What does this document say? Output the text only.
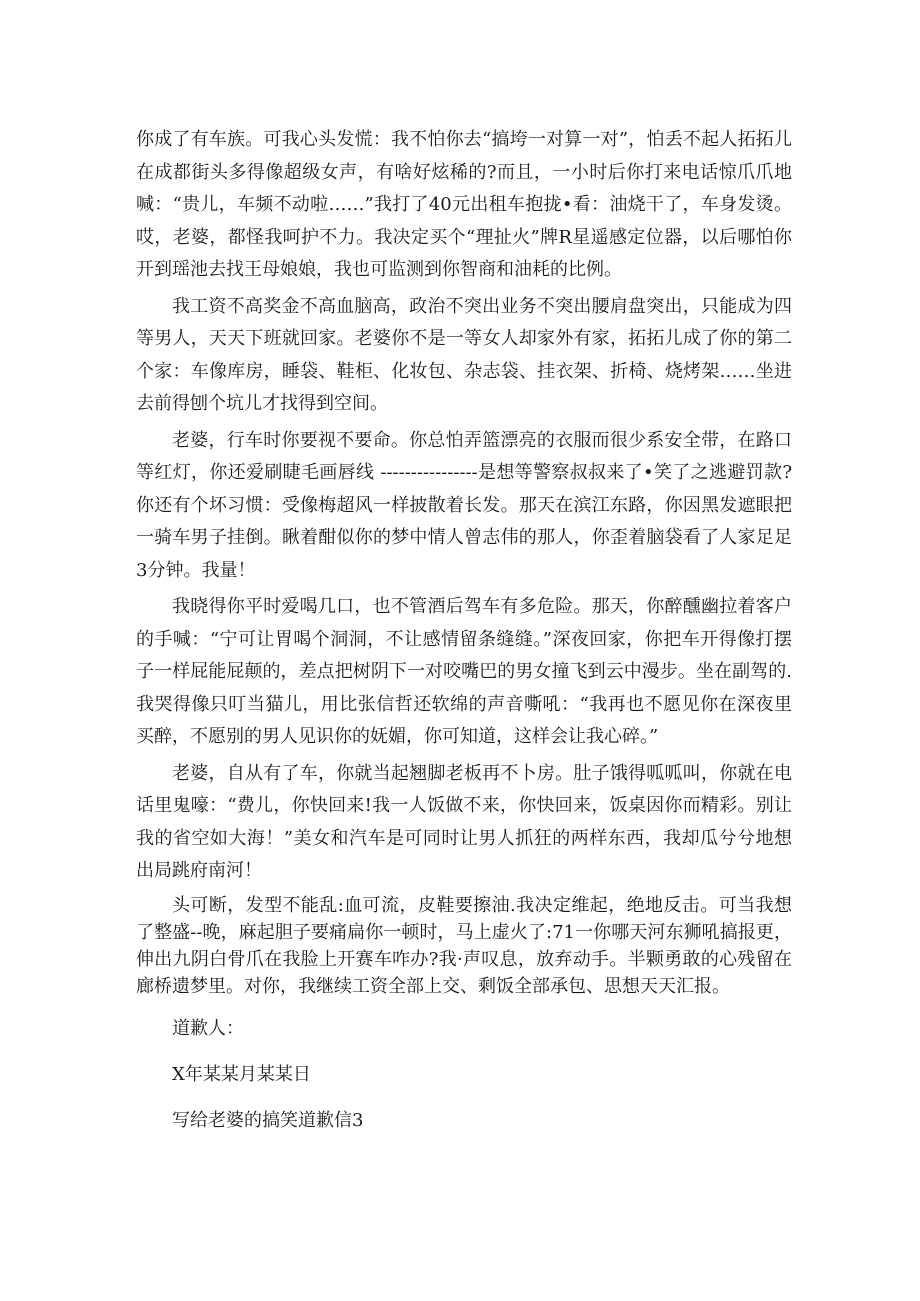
你成了有车族。可我心头发慌：我不怕你去“搞垮一对算一对”，怕丢不起人拓拓儿在成都街头多得像超级女声，有啥好炫稀的?而且，一小时后你打来电话惊爪爪地喊：“贵儿，车频不动啦……”我打了40元出租车抱拢•看：油烧干了，车身发烫。哎，老婆，都怪我呵护不力。我决定买个“理扯火”牌R星遥感定位器，以后哪怕你开到瑶池去找王母娘娘，我也可监测到你智商和油耗的比例。

我工资不高奖金不高血脑高，政治不突出业务不突出腰肩盘突出，只能成为四等男人，天天下班就回家。老婆你不是一等女人却家外有家，拓拓儿成了你的第二个家：车像库房，睡袋、鞋柜、化妆包、杂志袋、挂衣架、折椅、烧烤架……坐进去前得刨个坑儿才找得到空间。

老婆，行车时你要视不要命。你总怕弄篮漂亮的衣服而很少系安全带，在路口等红灯，你还爱刷睫毛画唇线 ----------------是想等警察叔叔来了•笑了之逃避罚款?你还有个坏习惯：受像梅超风一样披散着长发。那天在滨江东路，你因黑发遮眼把一骑车男子挂倒。瞅着酣似你的梦中情人曾志伟的那人，你歪着脑袋看了人家足足3分钟。我量！

我晓得你平时爱喝几口，也不管酒后驾车有多危险。那天，你醉醺幽拉着客户的手喊：“宁可让胃喝个洞洞，不让感情留条缝缝。”深夜回家，你把车开得像打摆子一样屁能屁颠的，差点把树阴下一对咬嘴巴的男女撞飞到云中漫步。坐在副驾的.我哭得像只叮当猫儿，用比张信哲还软绵的声音嘶吼：“我再也不愿见你在深夜里买醉，不愿别的男人见识你的妩媚，你可知道，这样会让我心碎。”

老婆，自从有了车，你就当起翘脚老板再不卜房。肚子饿得呱呱叫，你就在电话里鬼嚎：“费儿，你快回来!我一人饭做不来，你快回来，饭桌因你而精彩。别让我的省空如大海！”美女和汽车是可同时让男人抓狂的两样东西，我却瓜兮兮地想出局跳府南河！

头可断，发型不能乱:血可流，皮鞋要擦油.我决定维起，绝地反击。可当我想了整盛--晚，麻起胆子要痛扁你一顿时，马上虚火了:71一你哪天河东狮吼搞报更，伸出九阴白骨爪在我脸上开赛车咋办?我·声叹息，放弃动手。半颗勇敢的心残留在廊桥遗梦里。对你，我继续工资全部上交、剩饭全部承包、思想天天汇报。

道歉人：
X年某某月某某日
写给老婆的搞笑道歉信3
